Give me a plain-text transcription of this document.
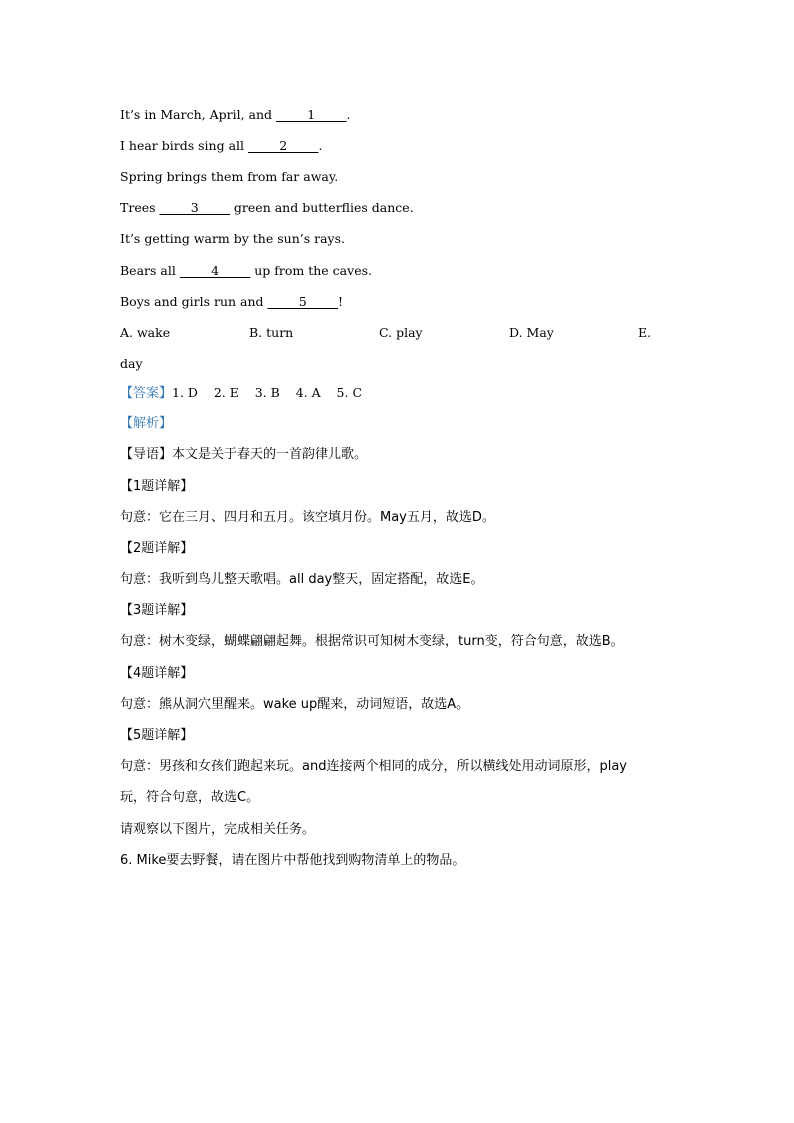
It’s in March, April, and _____1_____.
I hear birds sing all _____2_____.
Spring brings them from far away.
Trees _____3_____ green and butterflies dance.
It’s getting warm by the sun’s rays.
Bears all _____4_____ up from the caves.
Boys and girls run and _____5_____!
A. wake	B. turn	C. play	D. May	E.
day
【答案】1. D    2. E    3. B    4. A    5. C
【解析】
【导语】本文是关于春天的一首韵律儿歌。
【1题详解】
句意：它在三月、四月和五月。该空填月份。May五月，故选D。
【2题详解】
句意：我听到鸟儿整天歌唱。all day整天，固定搭配，故选E。
【3题详解】
句意：树木变绿，蝴蝶翩翩起舞。根据常识可知树木变绿，turn变，符合句意，故选B。
【4题详解】
句意：熊从洞穴里醒来。wake up醒来，动词短语，故选A。
【5题详解】
句意：男孩和女孩们跑起来玩。and连接两个相同的成分，所以横线处用动词原形，play
玩，符合句意，故选C。
请观察以下图片，完成相关任务。
6. Mike要去野餐，请在图片中帮他找到购物清单上的物品。
